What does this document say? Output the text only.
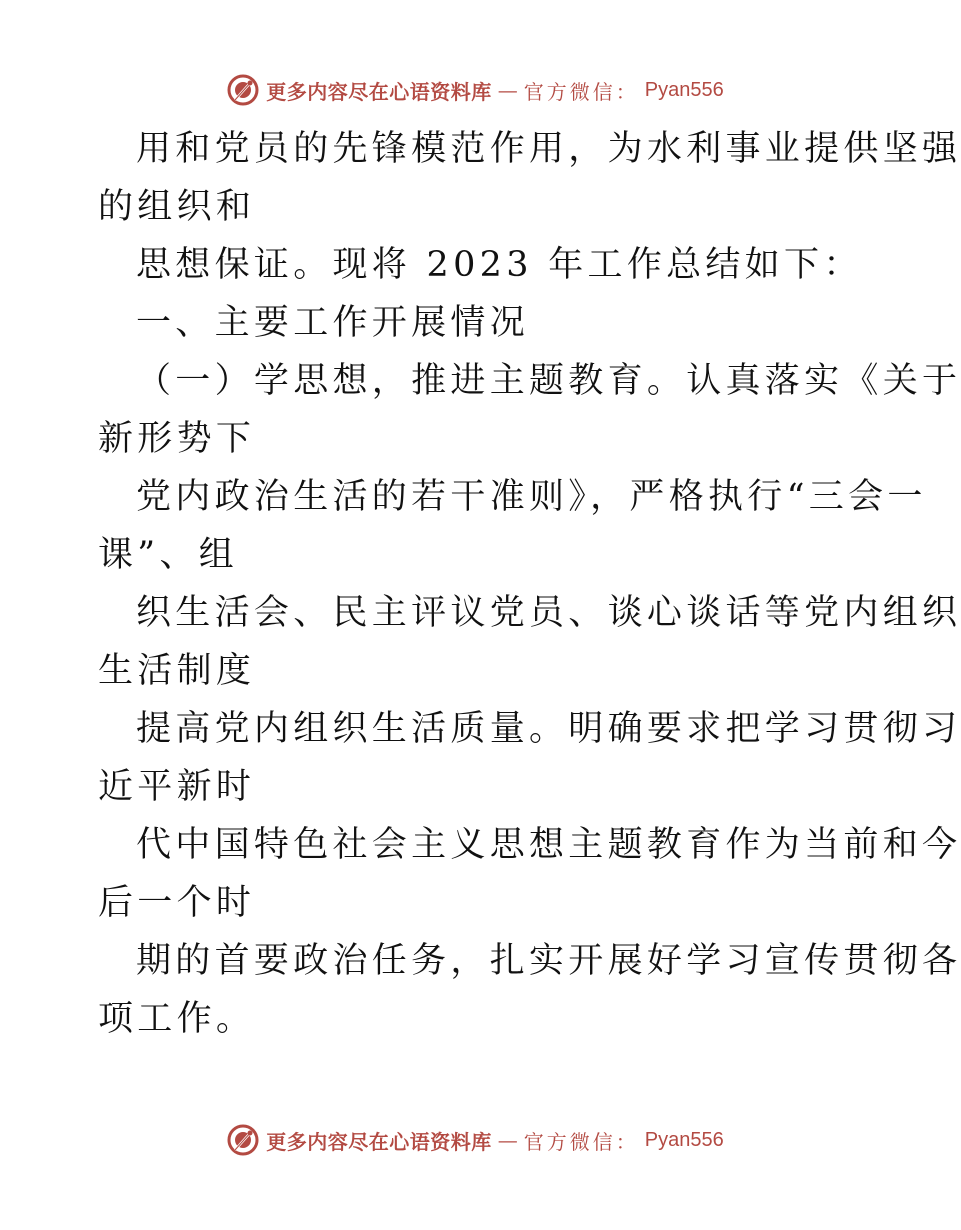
更多内容尽在心语资料库 — 官方微信： Pyan556
用和党员的先锋模范作用，为水利事业提供坚强
的组织和
思想保证。现将 2023 年工作总结如下：
一、主要工作开展情况
（一）学思想，推进主题教育。认真落实《关于
新形势下
党内政治生活的若干准则》，严格执行“三会一
课”、组
织生活会、民主评议党员、谈心谈话等党内组织
生活制度
提高党内组织生活质量。明确要求把学习贯彻习
近平新时
代中国特色社会主义思想主题教育作为当前和今
后一个时
期的首要政治任务，扎实开展好学习宣传贯彻各
项工作。
更多内容尽在心语资料库 — 官方微信： Pyan556
